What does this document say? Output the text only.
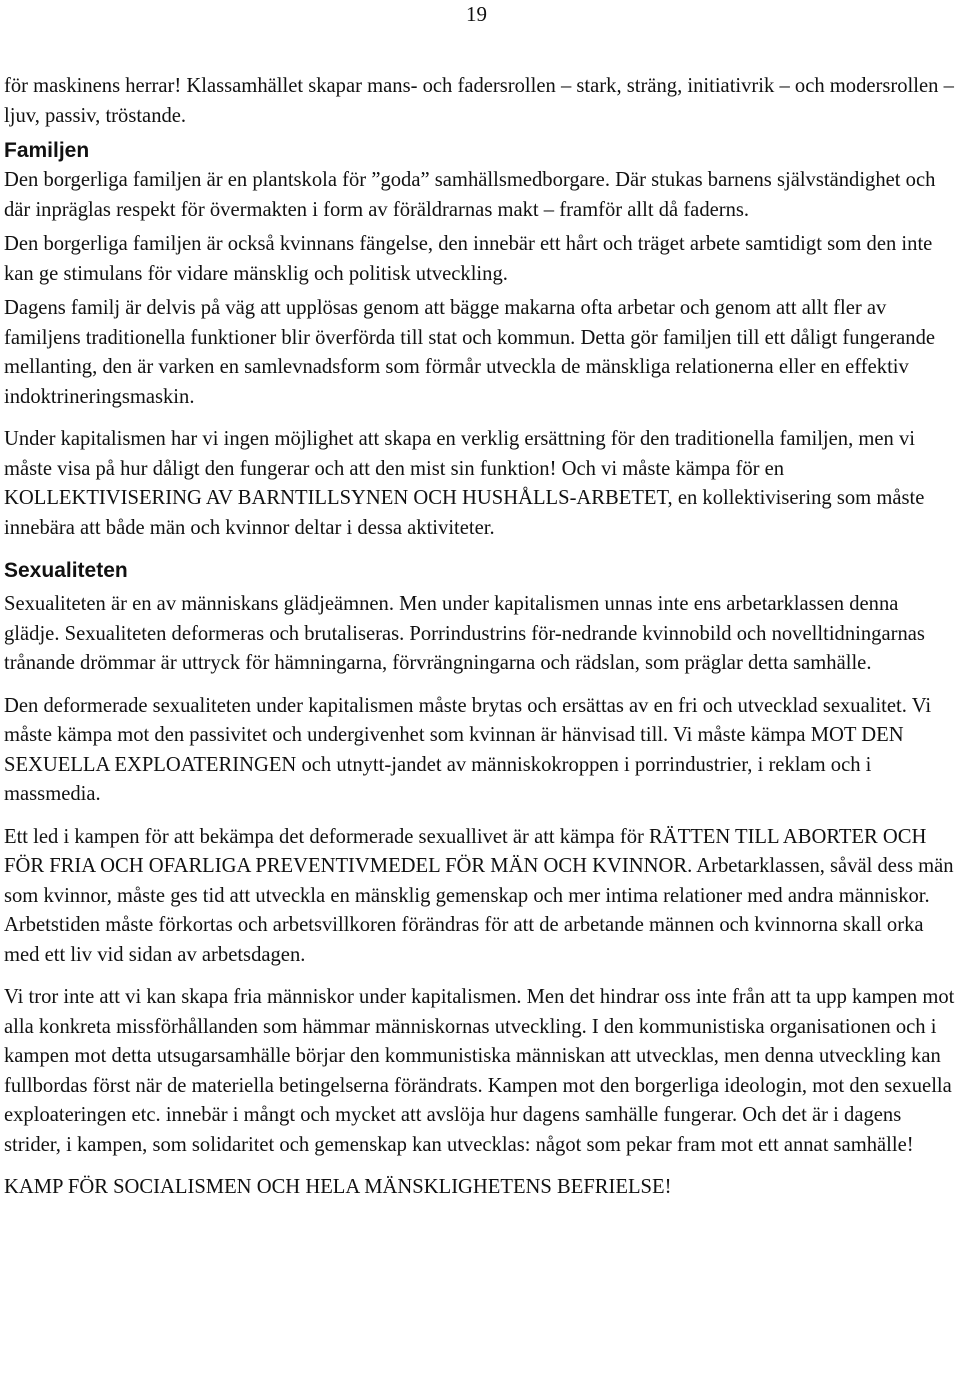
19

för maskinens herrar! Klassamhället skapar mans- och fadersrollen – stark, sträng, initiativrik – och modersrollen – ljuv, passiv, tröstande.

Familjen

Den borgerliga familjen är en plantskola för ”goda” samhällsmedborgare. Där stukas barnens självständighet och där inpräglas respekt för övermakten i form av föräldrarnas makt – framför allt då faderns.

Den borgerliga familjen är också kvinnans fängelse, den innebär ett hårt och träget arbete samtidigt som den inte kan ge stimulans för vidare mänsklig och politisk utveckling.

Dagens familj är delvis på väg att upplösas genom att bägge makarna ofta arbetar och genom att allt fler av familjens traditionella funktioner blir överförda till stat och kommun. Detta gör familjen till ett dåligt fungerande mellanting, den är varken en samlevnadsform som förmår utveckla de mänskliga relationerna eller en effektiv indoktrineringsmaskin.

Under kapitalismen har vi ingen möjlighet att skapa en verklig ersättning för den traditionella familjen, men vi måste visa på hur dåligt den fungerar och att den mist sin funktion! Och vi måste kämpa för en KOLLEKTIVISERING AV BARNTILLSYNEN OCH HUSHÅLLS-ARBETET, en kollektivisering som måste innebära att både män och kvinnor deltar i dessa aktiviteter.

Sexualiteten

Sexualiteten är en av människans glädjeämnen. Men under kapitalismen unnas inte ens arbetarklassen denna glädje. Sexualiteten deformeras och brutaliseras. Porrindustrins för-nedrande kvinnobild och novelltidningarnas trånande drömmar är uttryck för hämningarna, förvrängningarna och rädslan, som präglar detta samhälle.

Den deformerade sexualiteten under kapitalismen måste brytas och ersättas av en fri och utvecklad sexualitet. Vi måste kämpa mot den passivitet och undergivenhet som kvinnan är hänvisad till. Vi måste kämpa MOT DEN SEXUELLA EXPLOATERINGEN och utnytt-jandet av människokroppen i porrindustrier, i reklam och i massmedia.

Ett led i kampen för att bekämpa det deformerade sexuallivet är att kämpa för RÄTTEN TILL ABORTER OCH FÖR FRIA OCH OFARLIGA PREVENTIVMEDEL FÖR MÄN OCH KVINNOR. Arbetarklassen, såväl dess män som kvinnor, måste ges tid att utveckla en mänsklig gemenskap och mer intima relationer med andra människor. Arbetstiden måste förkortas och arbetsvillkoren förändras för att de arbetande männen och kvinnorna skall orka med ett liv vid sidan av arbetsdagen.

Vi tror inte att vi kan skapa fria människor under kapitalismen. Men det hindrar oss inte från att ta upp kampen mot alla konkreta missförhållanden som hämmar människornas utveckling. I den kommunistiska organisationen och i kampen mot detta utsugarsamhälle börjar den kommunistiska människan att utvecklas, men denna utveckling kan fullbordas först när de materiella betingelserna förändrats. Kampen mot den borgerliga ideologin, mot den sexuella exploateringen etc. innebär i mångt och mycket att avslöja hur dagens samhälle fungerar. Och det är i dagens strider, i kampen, som solidaritet och gemenskap kan utvecklas: något som pekar fram mot ett annat samhälle!

KAMP FÖR SOCIALISMEN OCH HELA MÄNSKLIGHETENS BEFRIELSE!
